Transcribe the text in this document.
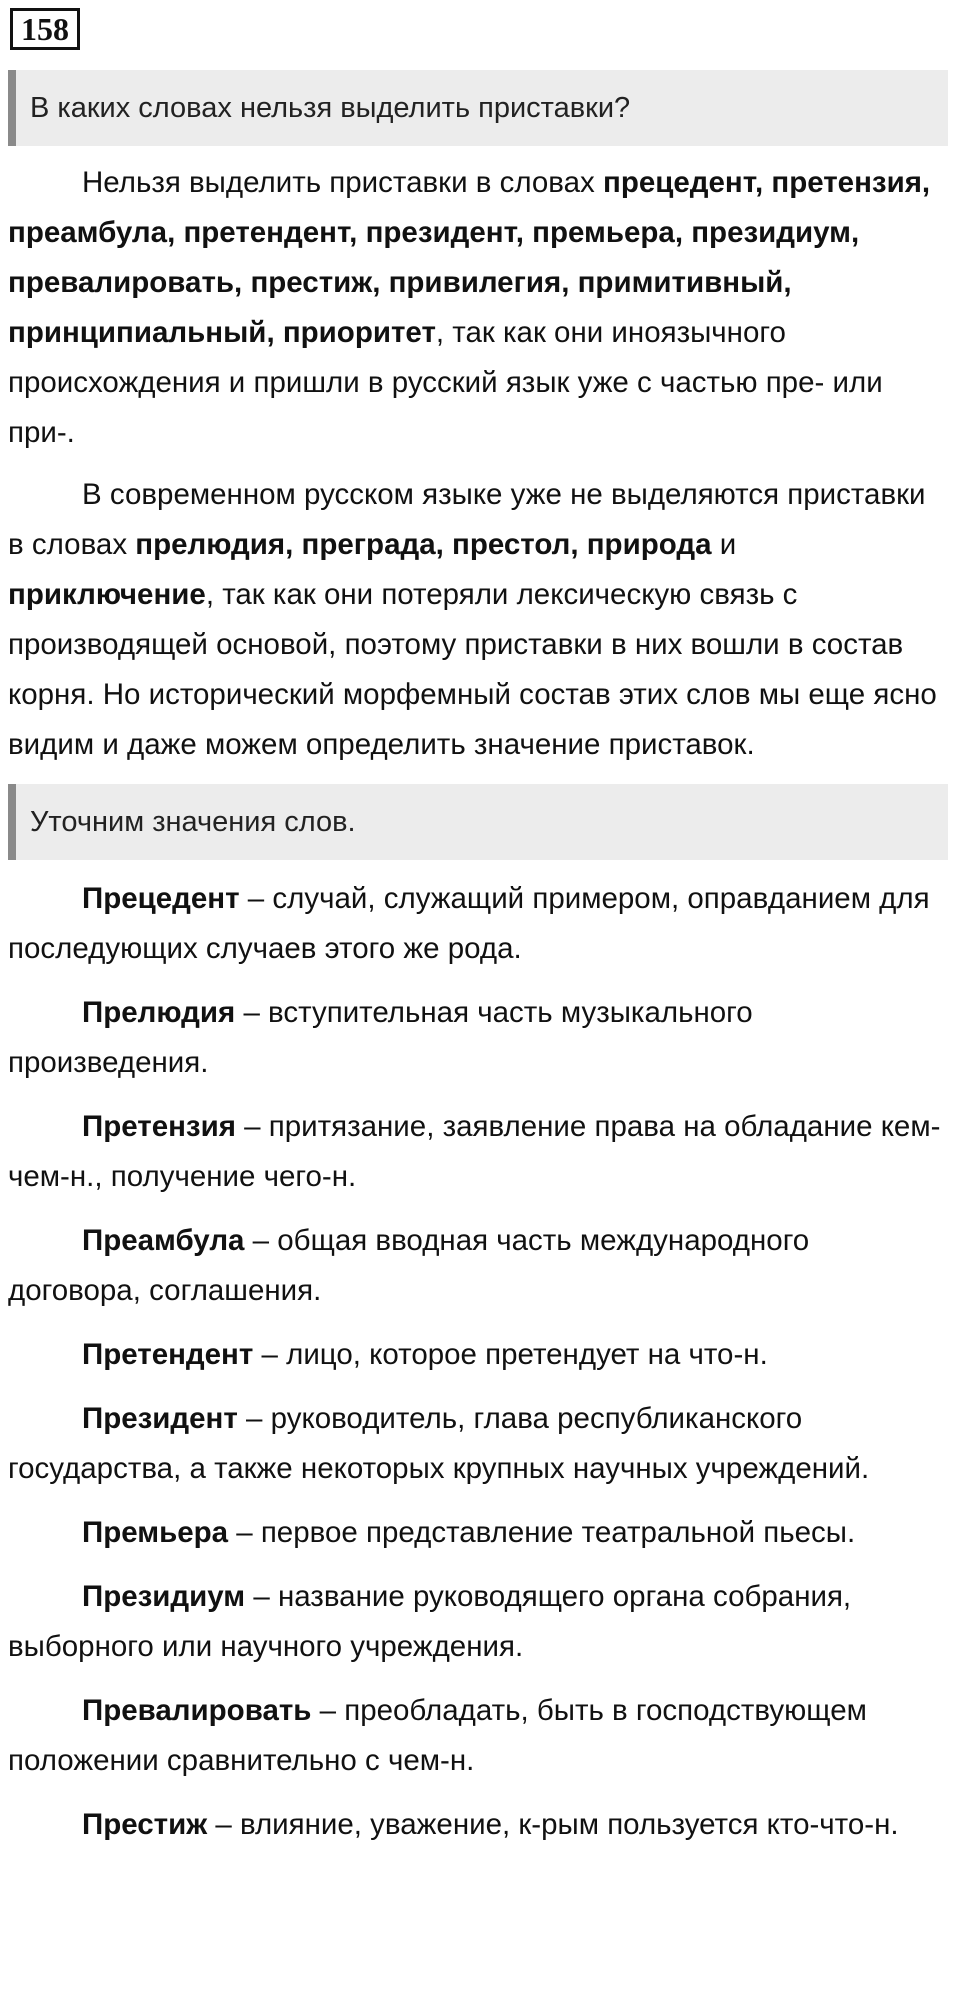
158
В каких словах нельзя выделить приставки?

Нельзя выделить приставки в словах прецедент, претензия, преамбула, претендент, президент, премьера, президиум, превалировать, престиж, привилегия, примитивный, принципиальный, приоритет, так как они иноязычного происхождения и пришли в русский язык уже с частью пре- или при-.

В современном русском языке уже не выделяются приставки в словах прелюдия, преграда, престол, природа и приключение, так как они потеряли лексическую связь с производящей основой, поэтому приставки в них вошли в состав корня. Но исторический морфемный состав этих слов мы еще ясно видим и даже можем определить значение приставок.

Уточним значения слов.

Прецедент – случай, служащий примером, оправданием для последующих случаев этого же рода.

Прелюдия – вступительная часть музыкального произведения.

Претензия – притязание, заявление права на обладание кем-чем-н., получение чего-н.

Преамбула – общая вводная часть международного договора, соглашения.

Претендент – лицо, которое претендует на что-н.

Президент – руководитель, глава республиканского государства, а также некоторых крупных научных учреждений.

Премьера – первое представление театральной пьесы.

Президиум – название руководящего органа собрания, выборного или научного учреждения.

Превалировать – преобладать, быть в господствующем положении сравнительно с чем-н.

Престиж – влияние, уважение, к-рым пользуется кто-что-н.
